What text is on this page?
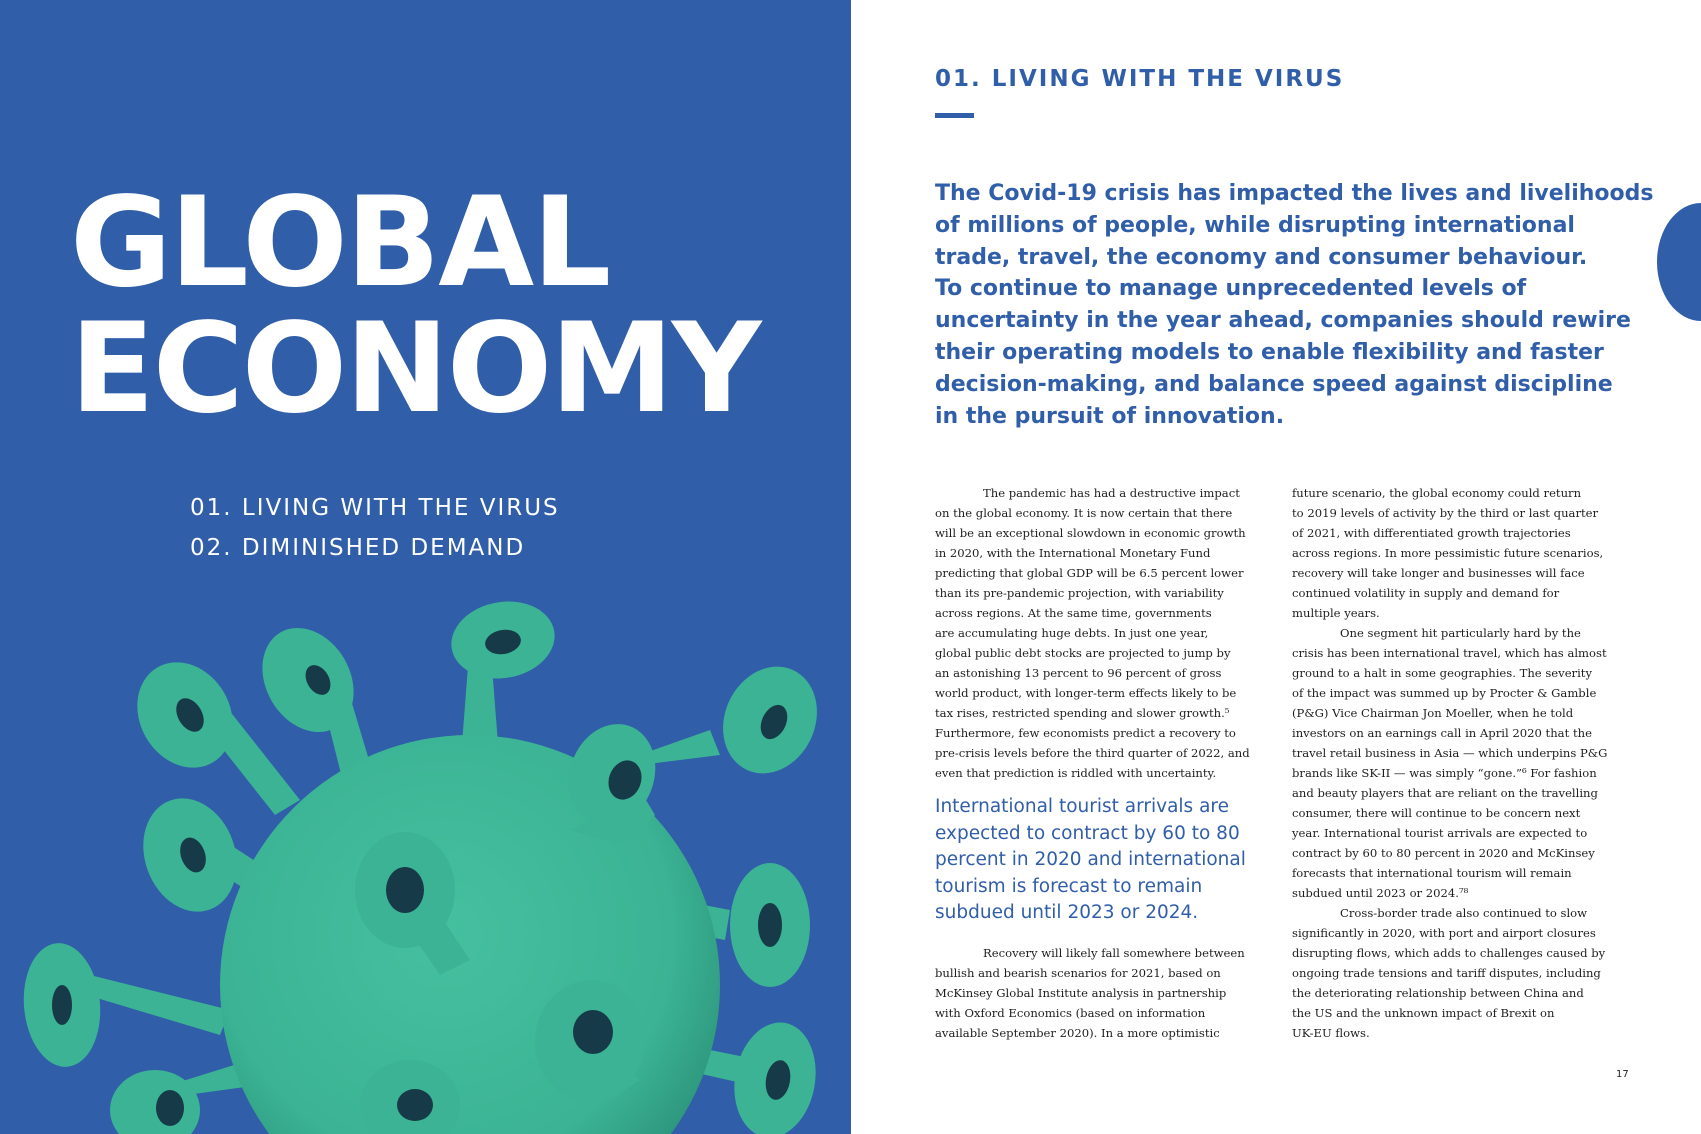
GLOBAL
ECONOMY
01. LIVING WITH THE VIRUS
02. DIMINISHED DEMAND
01. LIVING WITH THE VIRUS
The Covid-19 crisis has impacted the lives and livelihoods
of millions of people, while disrupting international
trade, travel, the economy and consumer behaviour.
To continue to manage unprecedented levels of
uncertainty in the year ahead, companies should rewire
their operating models to enable flexibility and faster
decision-making, and balance speed against discipline
in the pursuit of innovation.
The pandemic has had a destructive impact
on the global economy. It is now certain that there
will be an exceptional slowdown in economic growth
in 2020, with the International Monetary Fund
predicting that global GDP will be 6.5 percent lower
than its pre-pandemic projection, with variability
across regions. At the same time, governments
are accumulating huge debts. In just one year,
global public debt stocks are projected to jump by
an astonishing 13 percent to 96 percent of gross
world product, with longer-term effects likely to be
tax rises, restricted spending and slower growth.⁵
Furthermore, few economists predict a recovery to
pre-crisis levels before the third quarter of 2022, and
even that prediction is riddled with uncertainty.
International tourist arrivals are
expected to contract by 60 to 80
percent in 2020 and international
tourism is forecast to remain
subdued until 2023 or 2024.
Recovery will likely fall somewhere between
bullish and bearish scenarios for 2021, based on
McKinsey Global Institute analysis in partnership
with Oxford Economics (based on information
available September 2020). In a more optimistic
future scenario, the global economy could return
to 2019 levels of activity by the third or last quarter
of 2021, with differentiated growth trajectories
across regions. In more pessimistic future scenarios,
recovery will take longer and businesses will face
continued volatility in supply and demand for
multiple years.
One segment hit particularly hard by the
crisis has been international travel, which has almost
ground to a halt in some geographies. The severity
of the impact was summed up by Procter & Gamble
(P&G) Vice Chairman Jon Moeller, when he told
investors on an earnings call in April 2020 that the
travel retail business in Asia — which underpins P&G
brands like SK-II — was simply “gone.”⁶ For fashion
and beauty players that are reliant on the travelling
consumer, there will continue to be concern next
year. International tourist arrivals are expected to
contract by 60 to 80 percent in 2020 and McKinsey
forecasts that international tourism will remain
subdued until 2023 or 2024.⁷⁸
Cross-border trade also continued to slow
significantly in 2020, with port and airport closures
disrupting flows, which adds to challenges caused by
ongoing trade tensions and tariff disputes, including
the deteriorating relationship between China and
the US and the unknown impact of Brexit on
UK-EU flows.
17
